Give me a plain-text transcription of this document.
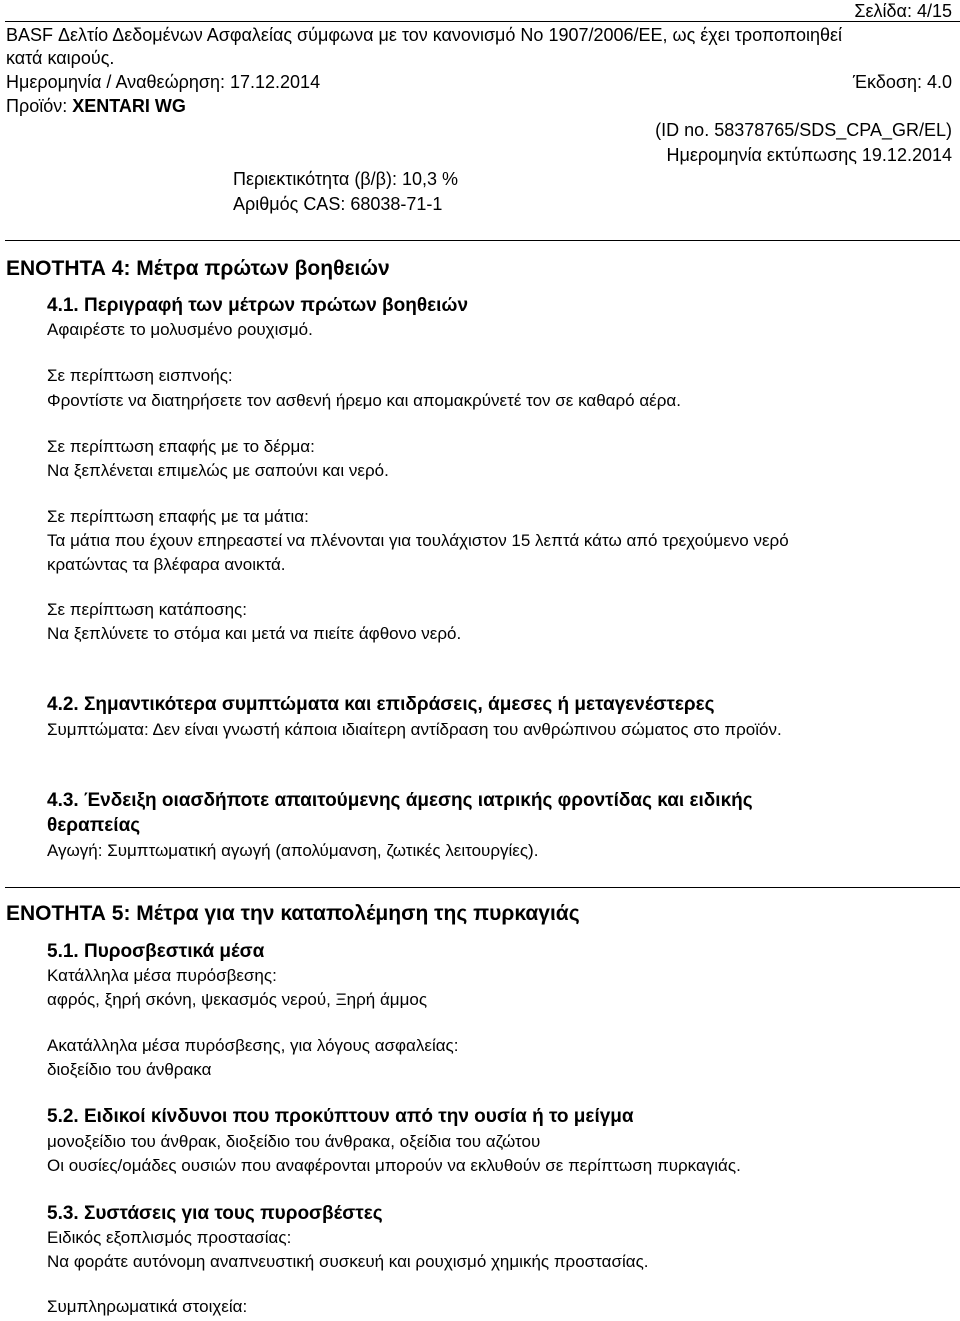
Σελίδα: 4/15
BASF Δελτίο Δεδομένων Ασφαλείας σύμφωνα με τον κανονισμό No 1907/2006/ΕΕ, ως έχει τροποποιηθεί
κατά καιρούς.
Ημερομηνία / Αναθεώρηση: 17.12.2014	Έκδοση: 4.0
Προϊόν: XENTARI WG
(ID no. 58378765/SDS_CPA_GR/EL)
Ημερομηνία εκτύπωσης 19.12.2014
Περιεκτικότητα (β/β): 10,3 %
Αριθμός CAS: 68038-71-1
ΕΝΟΤΗΤΑ 4: Μέτρα πρώτων βοηθειών
4.1. Περιγραφή των μέτρων πρώτων βοηθειών
Αφαιρέστε το μολυσμένο ρουχισμό.
Σε περίπτωση εισπνοής:
Φροντίστε να διατηρήσετε τον ασθενή ήρεμο και απομακρύνετέ τον σε καθαρό αέρα.
Σε περίπτωση επαφής με το δέρμα:
Να ξεπλένεται επιμελώς με σαπούνι και νερό.
Σε περίπτωση επαφής με τα μάτια:
Τα μάτια που έχουν επηρεαστεί να πλένονται για τουλάχιστον 15 λεπτά κάτω από τρεχούμενο νερό
κρατώντας τα βλέφαρα ανοικτά.
Σε περίπτωση κατάποσης:
Να ξεπλύνετε το στόμα και μετά να πιείτε άφθονο νερό.
4.2. Σημαντικότερα συμπτώματα και επιδράσεις, άμεσες ή μεταγενέστερες
Συμπτώματα: Δεν είναι γνωστή κάποια ιδιαίτερη αντίδραση του ανθρώπινου σώματος στο προϊόν.
4.3. Ένδειξη οιασδήποτε απαιτούμενης άμεσης ιατρικής φροντίδας και ειδικής
θεραπείας
Αγωγή: Συμπτωματική αγωγή (απολύμανση, ζωτικές λειτουργίες).
ΕΝΟΤΗΤΑ 5: Μέτρα για την καταπολέμηση της πυρκαγιάς
5.1. Πυροσβεστικά μέσα
Κατάλληλα μέσα πυρόσβεσης:
αφρός, ξηρή σκόνη, ψεκασμός νερού, Ξηρή άμμος
Ακατάλληλα μέσα πυρόσβεσης, για λόγους ασφαλείας:
διοξείδιο του άνθρακα
5.2. Ειδικοί κίνδυνοι που προκύπτουν από την ουσία ή το μείγμα
μονοξείδιο του άνθρακ, διοξείδιο του άνθρακα, οξείδια του αζώτου
Οι ουσίες/ομάδες ουσιών που αναφέρονται μπορούν να εκλυθούν σε περίπτωση πυρκαγιάς.
5.3. Συστάσεις για τους πυροσβέστες
Ειδικός εξοπλισμός προστασίας:
Να φοράτε αυτόνομη αναπνευστική συσκευή και ρουχισμό χημικής προστασίας.
Συμπληρωματικά στοιχεία:
